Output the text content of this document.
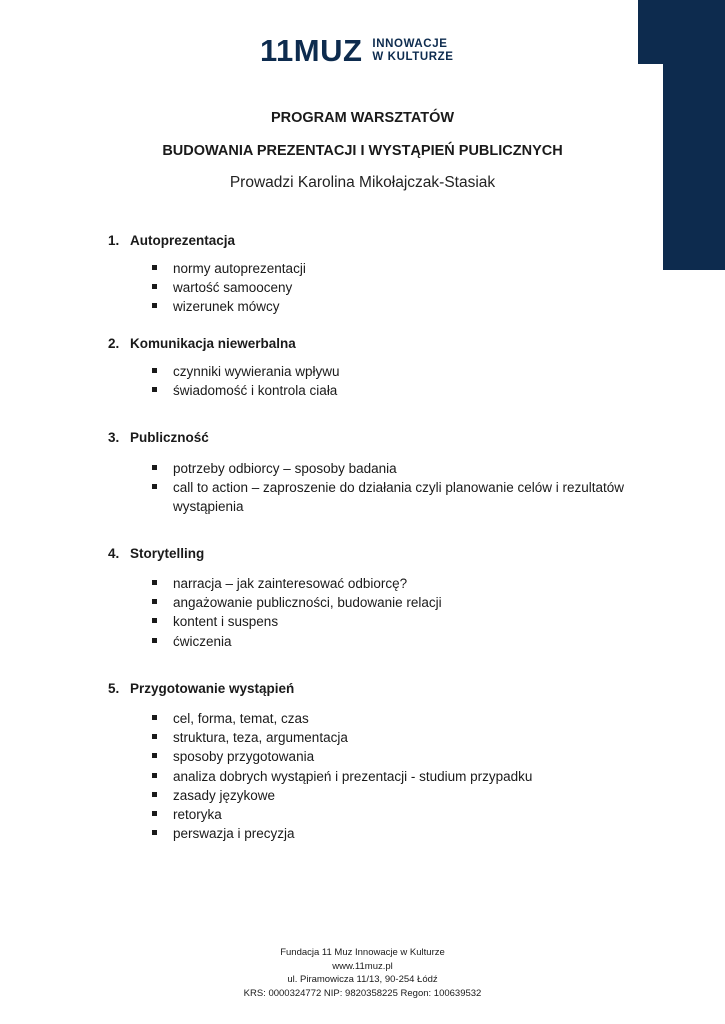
11MUZ INNOWACJE
W KULTURZE
PROGRAM WARSZTATÓW
BUDOWANIA PREZENTACJI I WYSTĄPIEŃ PUBLICZNYCH
Prowadzi Karolina Mikołajczak-Stasiak
1. Autoprezentacja
normy autoprezentacji
wartość samooceny
wizerunek mówcy
2. Komunikacja niewerbalna
czynniki wywierania wpływu
świadomość i kontrola ciała
3. Publiczność
potrzeby odbiorcy – sposoby badania
call to action – zaproszenie do działania czyli planowanie celów i rezultatów wystąpienia
4. Storytelling
narracja – jak zainteresować odbiorcę?
angażowanie publiczności, budowanie relacji
kontent i suspens
ćwiczenia
5. Przygotowanie wystąpień
cel, forma, temat, czas
struktura, teza, argumentacja
sposoby przygotowania
analiza dobrych wystąpień i prezentacji - studium przypadku
zasady językowe
retoryka
perswazja i precyzja
Fundacja 11 Muz Innowacje w Kulturze
www.11muz.pl
ul. Piramowicza 11/13, 90-254 Łódź
KRS: 0000324772 NIP: 9820358225 Regon: 100639532
